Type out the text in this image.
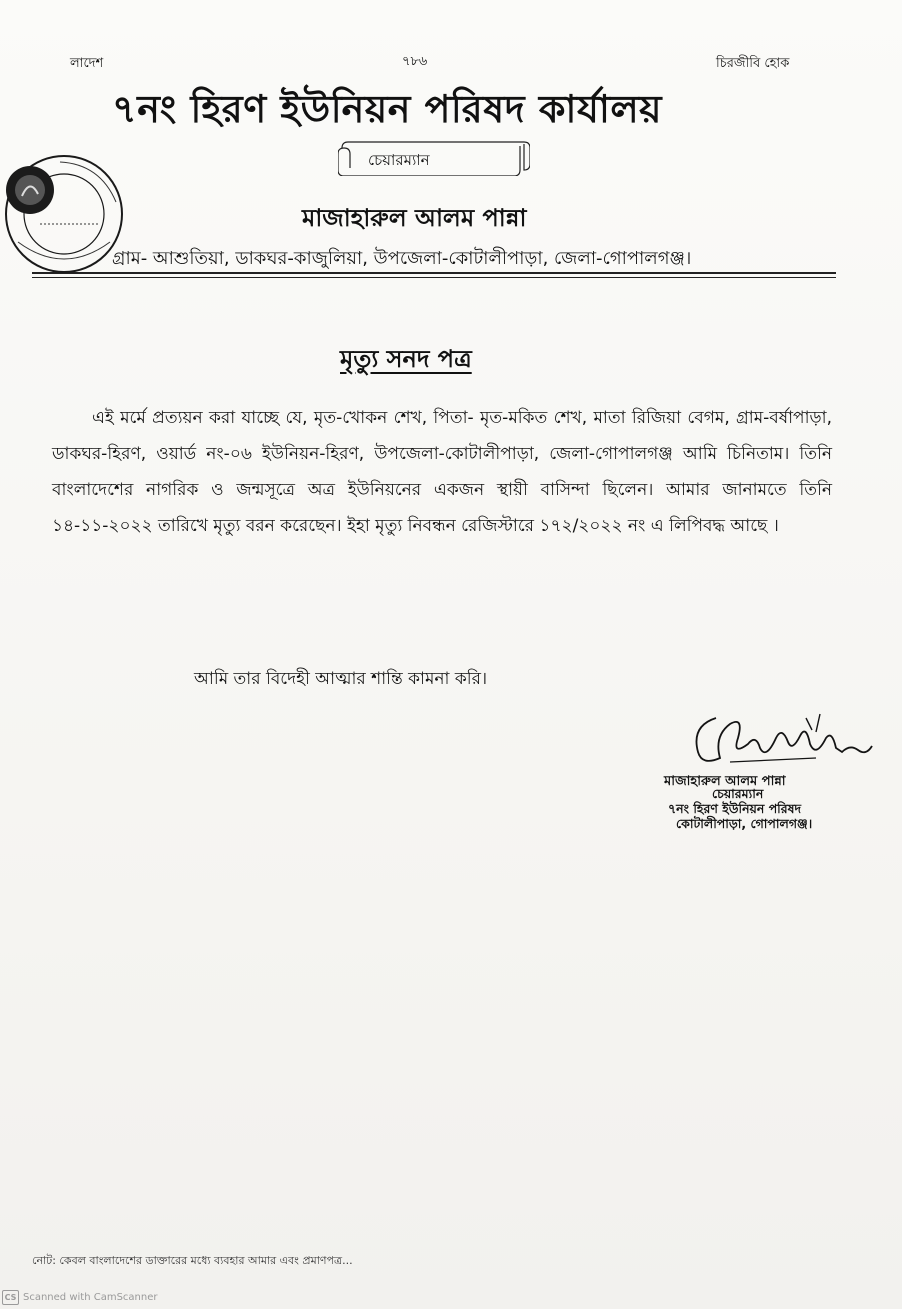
লাদেশ	৭৮৬	চিরজীবি হোক
৭নং হিরণ ইউনিয়ন পরিষদ কার্যালয়
চেয়ারম্যান
মাজাহারুল আলম পান্না
গ্রাম- আশুতিয়া, ডাকঘর-কাজুলিয়া, উপজেলা-কোটালীপাড়া, জেলা-গোপালগঞ্জ।
মৃত্যু সনদ পত্র

এই মর্মে প্রত্যয়ন করা যাচ্ছে যে, মৃত-খোকন শেখ, পিতা- মৃত-মকিত শেখ, মাতা রিজিয়া বেগম, গ্রাম-বর্ষাপাড়া, ডাকঘর-হিরণ, ওয়ার্ড নং-০৬ ইউনিয়ন-হিরণ, উপজেলা-কোটালীপাড়া, জেলা-গোপালগঞ্জ আমি চিনিতাম। তিনি বাংলাদেশের নাগরিক ও জন্মসূত্রে অত্র ইউনিয়নের একজন স্থায়ী বাসিন্দা ছিলেন। আমার জানামতে তিনি ১৪-১১-২০২২ তারিখে মৃত্যু বরন করেছেন। ইহা মৃত্যু নিবন্ধন রেজিস্টারে ১৭২/২০২২ নং এ লিপিবদ্ধ আছে ।

আমি তার বিদেহী আত্মার শান্তি কামনা করি।
মাজাহারুল আলম পান্না
চেয়ারম্যান
৭নং হিরণ ইউনিয়ন পরিষদ
কোটালীপাড়া, গোপালগঞ্জ।
নোট: কেবল বাংলাদেশের ডাক্তারের মধ্যে ব্যবহার আমার এবং প্রমাণপত্র...
CS Scanned with CamScanner
